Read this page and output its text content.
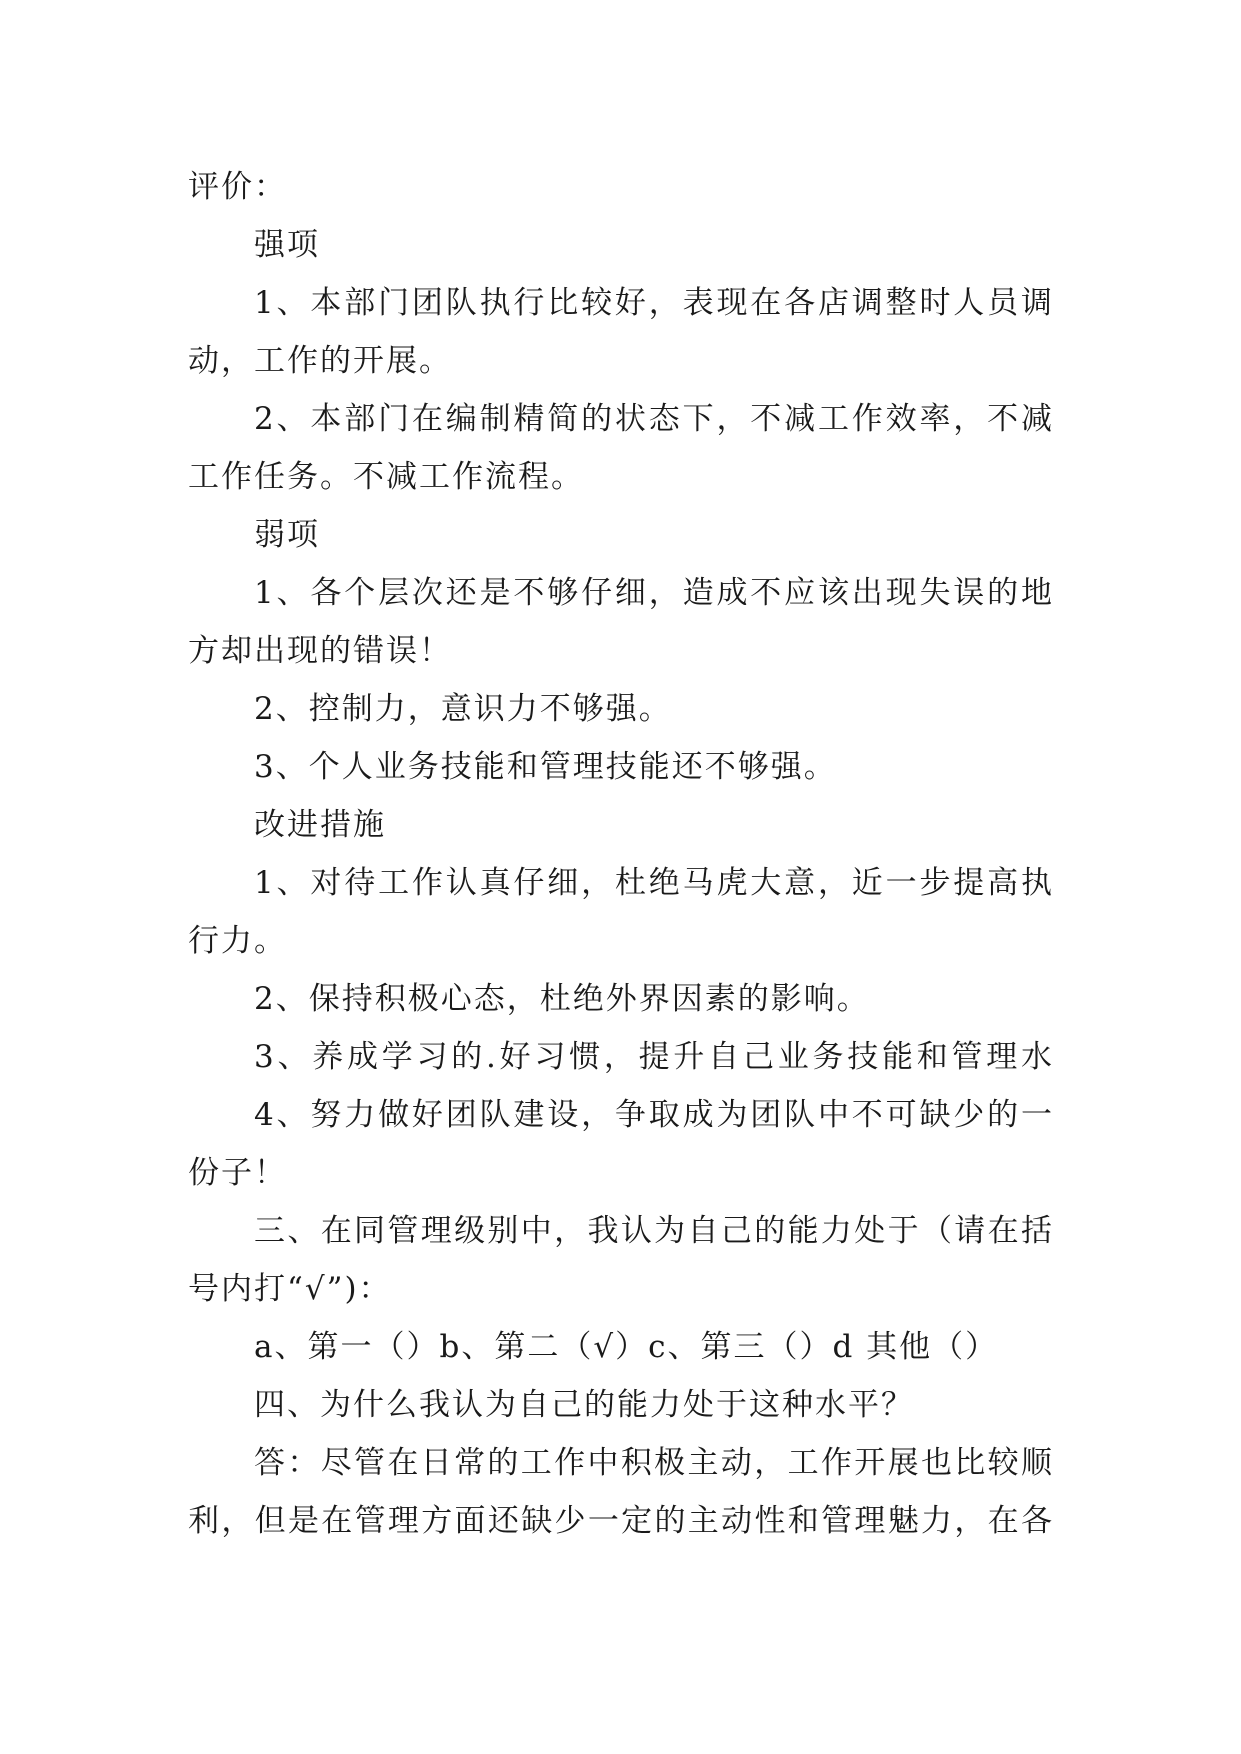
评价：
强项
1、本部门团队执行比较好，表现在各店调整时人员调
动，工作的开展。
2、本部门在编制精简的状态下，不减工作效率，不减
工作任务。不减工作流程。
弱项
1、各个层次还是不够仔细，造成不应该出现失误的地
方却出现的错误！
2、控制力，意识力不够强。
3、个人业务技能和管理技能还不够强。
改进措施
1、对待工作认真仔细，杜绝马虎大意，近一步提高执
行力。
2、保持积极心态，杜绝外界因素的影响。
3、养成学习的.好习惯，提升自己业务技能和管理水
4、努力做好团队建设，争取成为团队中不可缺少的一
份子！
三、在同管理级别中，我认为自己的能力处于（请在括
号内打“√”)：
a、第一（）b、第二（√）c、第三（）d 其他（）
四、为什么我认为自己的能力处于这种水平？
答：尽管在日常的工作中积极主动，工作开展也比较顺
利，但是在管理方面还缺少一定的主动性和管理魅力，在各
